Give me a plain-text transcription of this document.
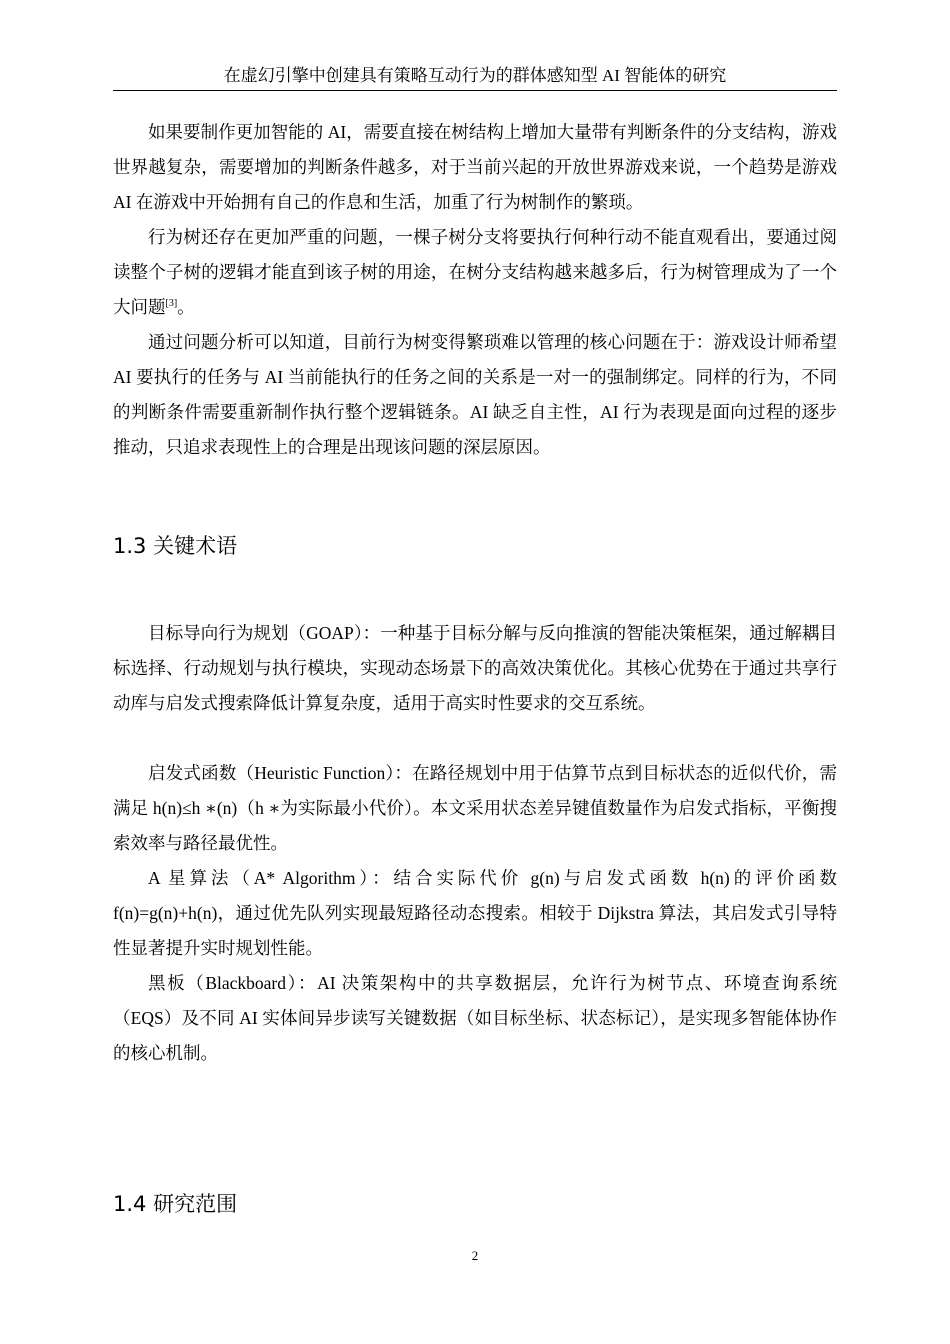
在虚幻引擎中创建具有策略互动行为的群体感知型 AI 智能体的研究

如果要制作更加智能的 AI，需要直接在树结构上增加大量带有判断条件的分支结构，游戏世界越复杂，需要增加的判断条件越多，对于当前兴起的开放世界游戏来说，一个趋势是游戏 AI 在游戏中开始拥有自己的作息和生活，加重了行为树制作的繁琐。

行为树还存在更加严重的问题，一棵子树分支将要执行何种行动不能直观看出，要通过阅读整个子树的逻辑才能直到该子树的用途，在树分支结构越来越多后，行为树管理成为了一个大问题[3]。

通过问题分析可以知道，目前行为树变得繁琐难以管理的核心问题在于：游戏设计师希望 AI 要执行的任务与 AI 当前能执行的任务之间的关系是一对一的强制绑定。同样的行为，不同的判断条件需要重新制作执行整个逻辑链条。AI 缺乏自主性，AI 行为表现是面向过程的逐步推动，只追求表现性上的合理是出现该问题的深层原因。

1.3 关键术语

目标导向行为规划（GOAP）：一种基于目标分解与反向推演的智能决策框架，通过解耦目标选择、行动规划与执行模块，实现动态场景下的高效决策优化。其核心优势在于通过共享行动库与启发式搜索降低计算复杂度，适用于高实时性要求的交互系统。

启发式函数（Heuristic Function）：在路径规划中用于估算节点到目标状态的近似代价，需满足 h(n)≤h ∗(n)（h ∗为实际最小代价）。本文采用状态差异键值数量作为启发式指标，平衡搜索效率与路径最优性。

A 星算法（A* Algorithm）：结合实际代价 g(n)与启发式函数 h(n)的评价函数 f(n)=g(n)+h(n)，通过优先队列实现最短路径动态搜索。相较于 Dijkstra 算法，其启发式引导特性显著提升实时规划性能。

黑板（Blackboard）：AI 决策架构中的共享数据层，允许行为树节点、环境查询系统（EQS）及不同 AI 实体间异步读写关键数据（如目标坐标、状态标记），是实现多智能体协作的核心机制。

1.4 研究范围
2
